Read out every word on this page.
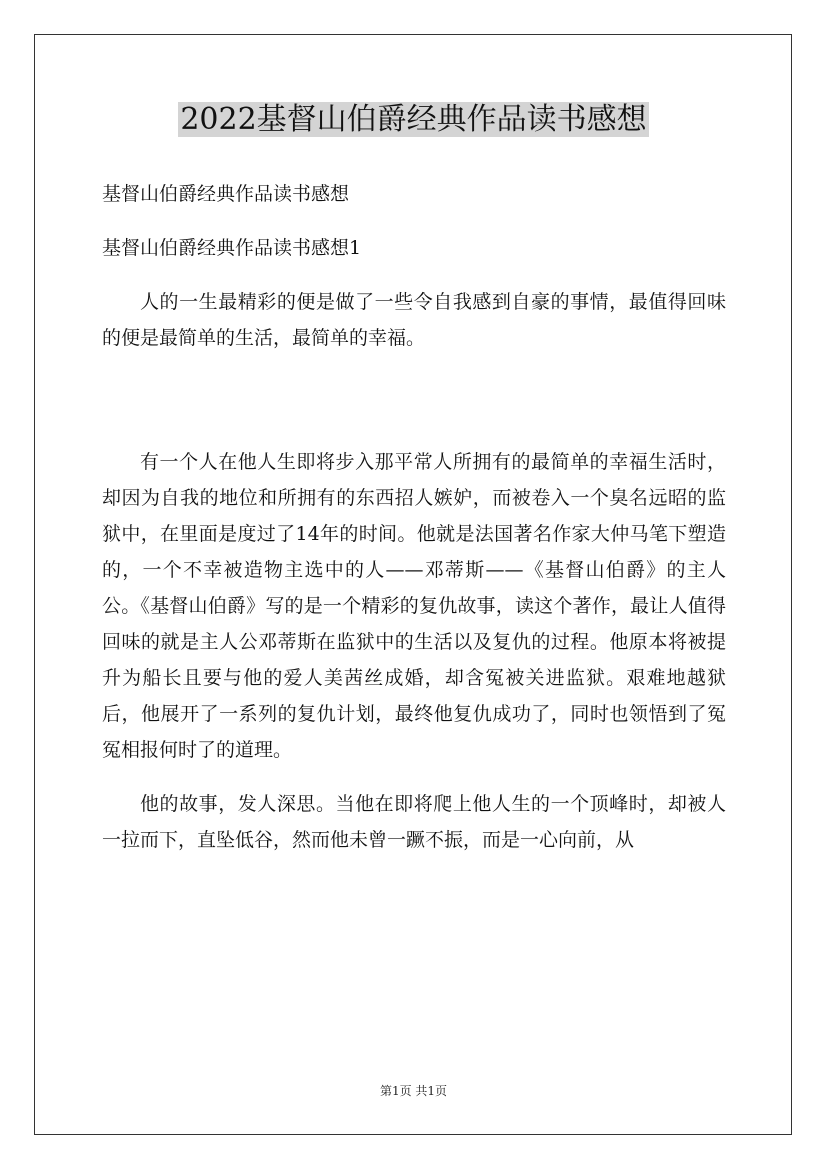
2022基督山伯爵经典作品读书感想

基督山伯爵经典作品读书感想

基督山伯爵经典作品读书感想1

人的一生最精彩的便是做了一些令自我感到自豪的事情，最值得回味的便是最简单的生活，最简单的幸福。

有一个人在他人生即将步入那平常人所拥有的最简单的幸福生活时，却因为自我的地位和所拥有的东西招人嫉妒，而被卷入一个臭名远昭的监狱中，在里面是度过了14年的时间。他就是法国著名作家大仲马笔下塑造的，一个不幸被造物主选中的人——邓蒂斯——《基督山伯爵》的主人公。《基督山伯爵》写的是一个精彩的复仇故事，读这个著作，最让人值得回味的就是主人公邓蒂斯在监狱中的生活以及复仇的过程。他原本将被提升为船长且要与他的爱人美茜丝成婚，却含冤被关进监狱。艰难地越狱后，他展开了一系列的复仇计划，最终他复仇成功了，同时也领悟到了冤冤相报何时了的道理。

他的故事，发人深思。当他在即将爬上他人生的一个顶峰时，却被人一拉而下，直坠低谷，然而他未曾一蹶不振，而是一心向前，从

第1页 共1页
